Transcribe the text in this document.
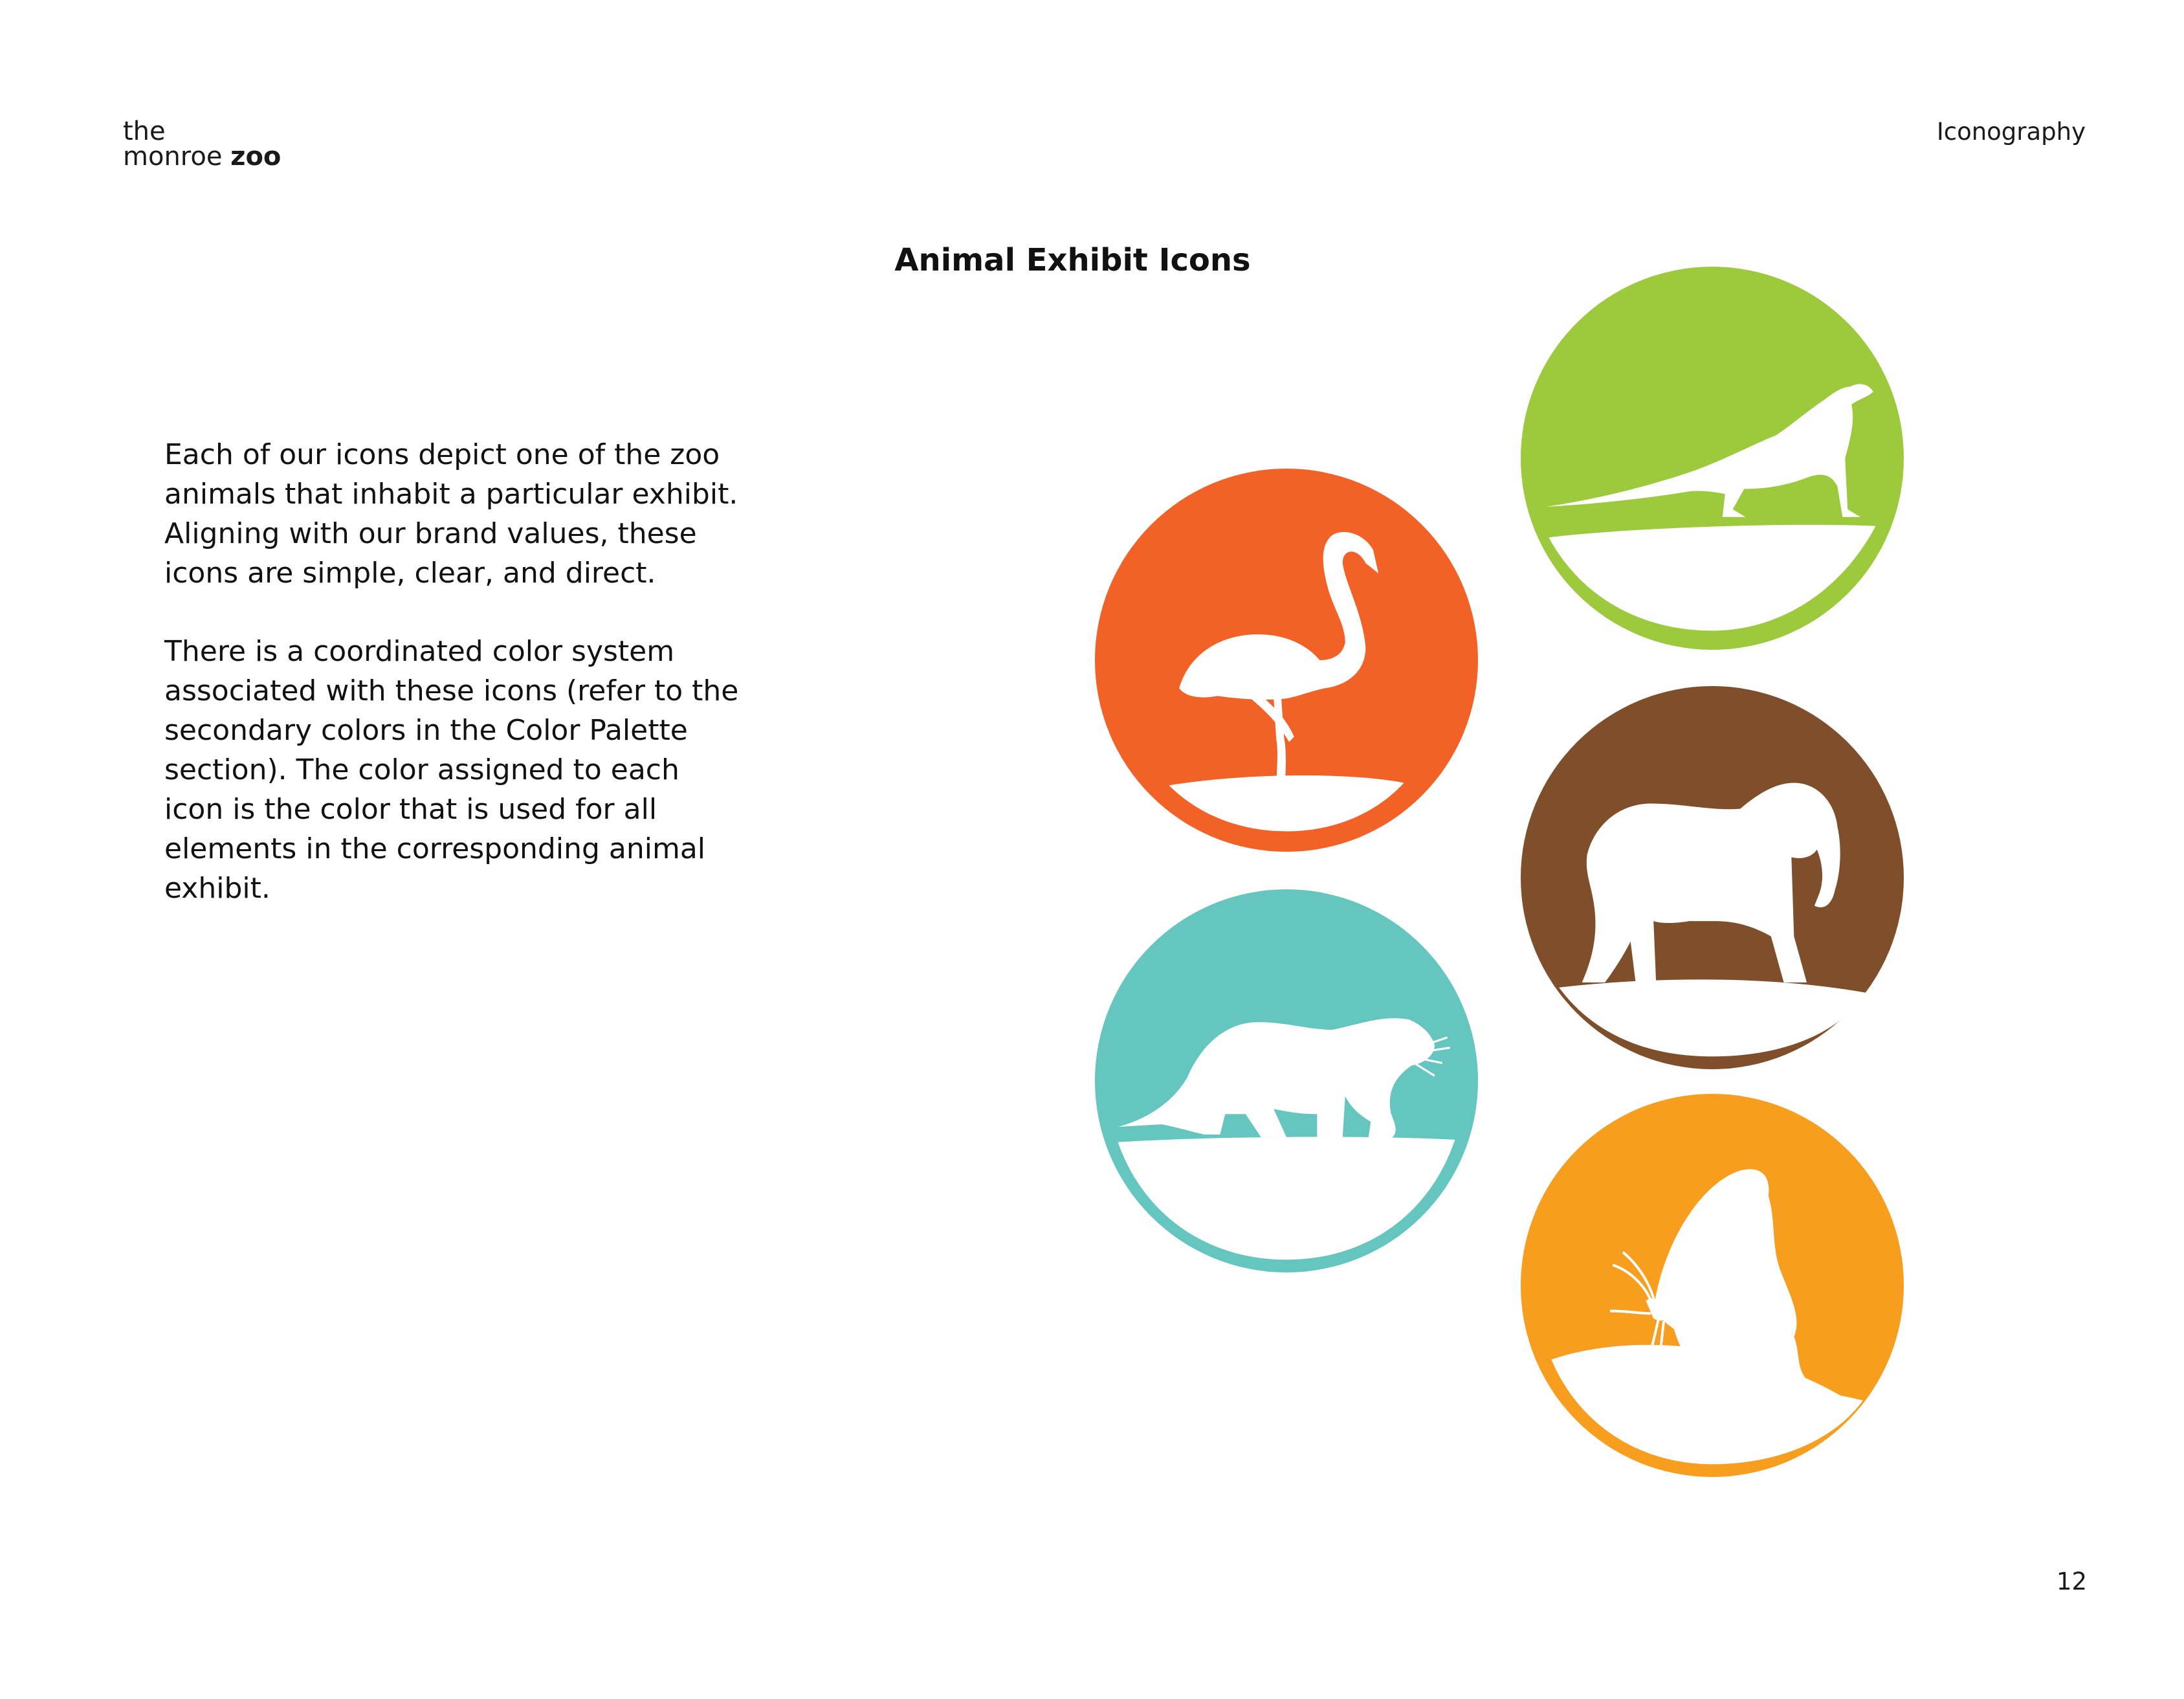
the
monroe zoo
Iconography
Animal Exhibit Icons

Each of our icons depict one of the zoo animals that inhabit a particular exhibit. Aligning with our brand values, these icons are simple, clear, and direct.

There is a coordinated color system associated with these icons (refer to the secondary colors in the Color Palette section). The color assigned to each icon is the color that is used for all elements in the corresponding animal exhibit.

12
